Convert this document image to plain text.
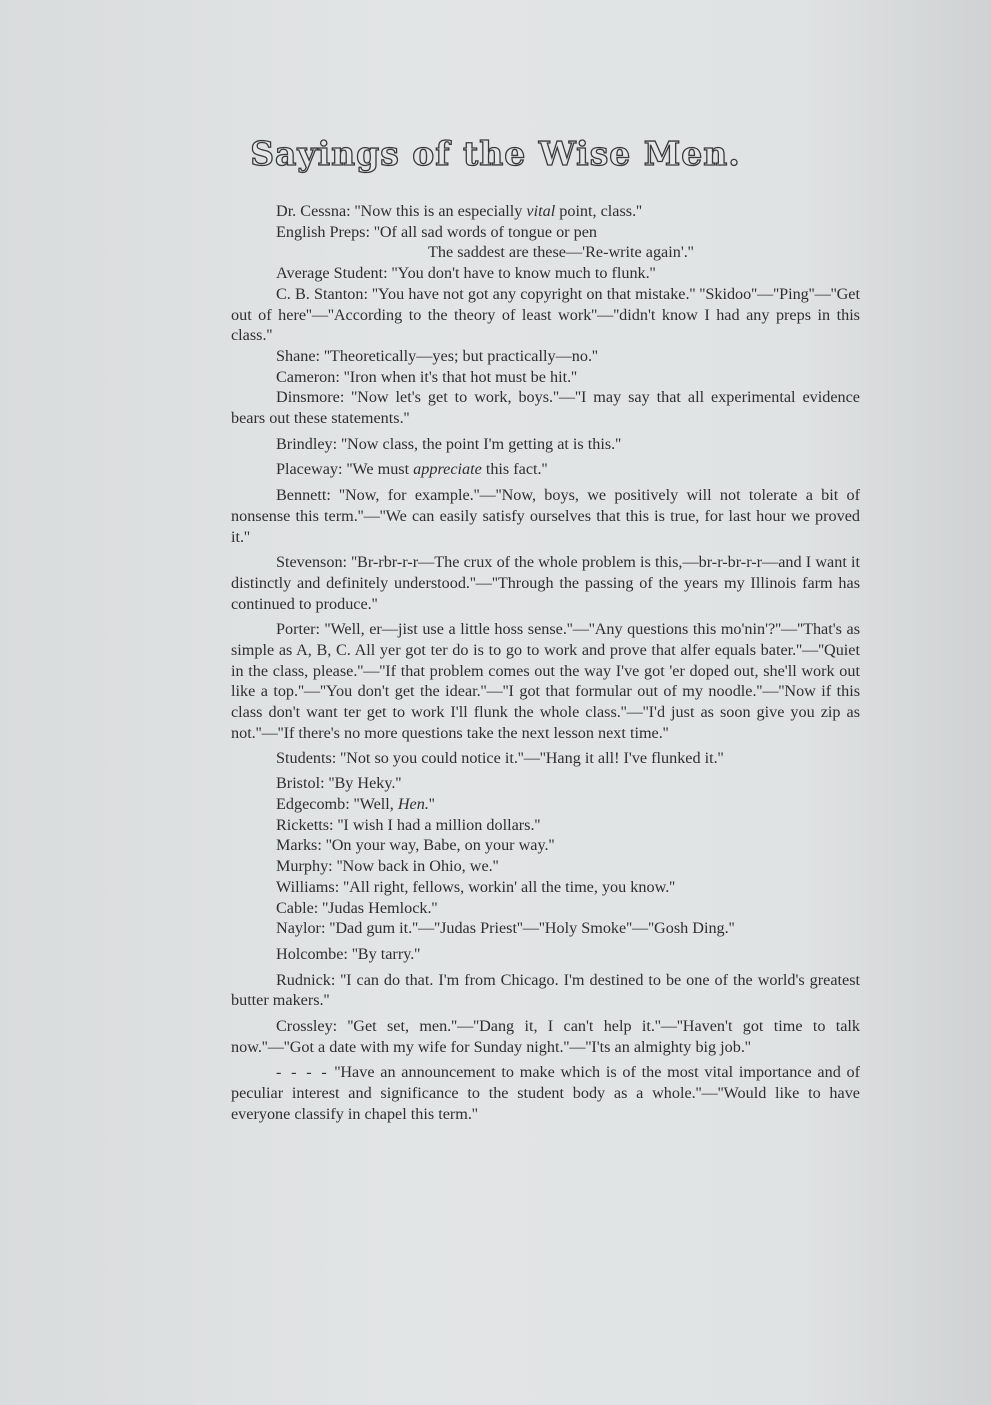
Sayings of the Wise Men.

Dr. Cessna: ''Now this is an especially vital point, class.''

English Preps: ''Of all sad words of tongue or pen

The saddest are these—'Re-write again'.''

Average Student: ''You don't have to know much to flunk.''

C. B. Stanton: ''You have not got any copyright on that mistake.'' ''Skidoo''—''Ping''—''Get out of here''—''According to the theory of least work''—''didn't know I had any preps in this class.''

Shane: ''Theoretically—yes; but practically—no.''

Cameron: ''Iron when it's that hot must be hit.''

Dinsmore: ''Now let's get to work, boys.''—''I may say that all experimental evidence bears out these statements.''

Brindley: ''Now class, the point I'm getting at is this.''

Placeway: ''We must appreciate this fact.''

Bennett: ''Now, for example.''—''Now, boys, we positively will not tolerate a bit of nonsense this term.''—''We can easily satisfy ourselves that this is true, for last hour we proved it.''

Stevenson: ''Br-rbr-r-r—The crux of the whole problem is this,—br-r-br-r-r—and I want it distinctly and definitely understood.''—''Through the passing of the years my Illinois farm has continued to produce.''

Porter: ''Well, er—jist use a little hoss sense.''—''Any questions this mo'nin'?''—''That's as simple as A, B, C. All yer got ter do is to go to work and prove that alfer equals bater.''—''Quiet in the class, please.''—''If that problem comes out the way I've got 'er doped out, she'll work out like a top.''—''You don't get the idear.''—''I got that formular out of my noodle.''—''Now if this class don't want ter get to work I'll flunk the whole class.''—''I'd just as soon give you zip as not.''—''If there's no more questions take the next lesson next time.''

Students: ''Not so you could notice it.''—''Hang it all! I've flunked it.''

Bristol: ''By Heky.''

Edgecomb: ''Well, Hen.''

Ricketts: ''I wish I had a million dollars.''

Marks: ''On your way, Babe, on your way.''

Murphy: ''Now back in Ohio, we.''

Williams: ''All right, fellows, workin' all the time, you know.''

Cable: ''Judas Hemlock.''

Naylor: ''Dad gum it.''—''Judas Priest''—''Holy Smoke''—''Gosh Ding.''

Holcombe: ''By tarry.''

Rudnick: ''I can do that. I'm from Chicago. I'm destined to be one of the world's greatest butter makers.''

Crossley: ''Get set, men.''—''Dang it, I can't help it.''—''Haven't got time to talk now.''—''Got a date with my wife for Sunday night.''—''I'ts an almighty big job.''

- - - - ''Have an announcement to make which is of the most vital importance and of peculiar interest and significance to the student body as a whole.''—''Would like to have everyone classify in chapel this term.''
